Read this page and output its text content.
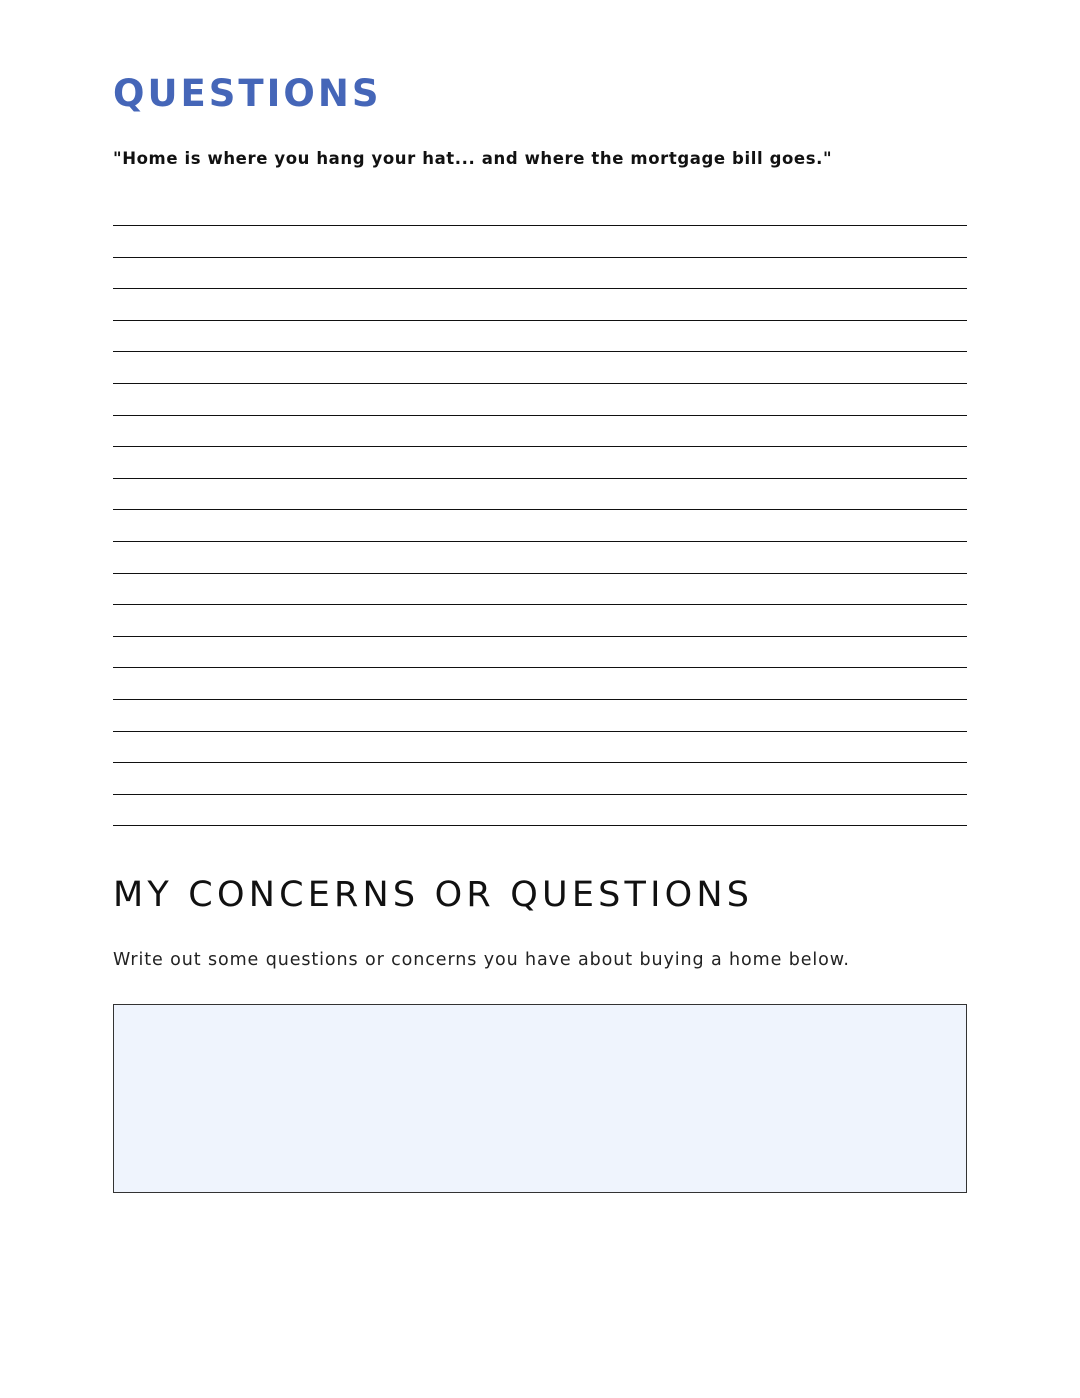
QUESTIONS

"Home is where you hang your hat... and where the mortgage bill goes."

MY CONCERNS OR QUESTIONS

Write out some questions or concerns you have about buying a home below.
